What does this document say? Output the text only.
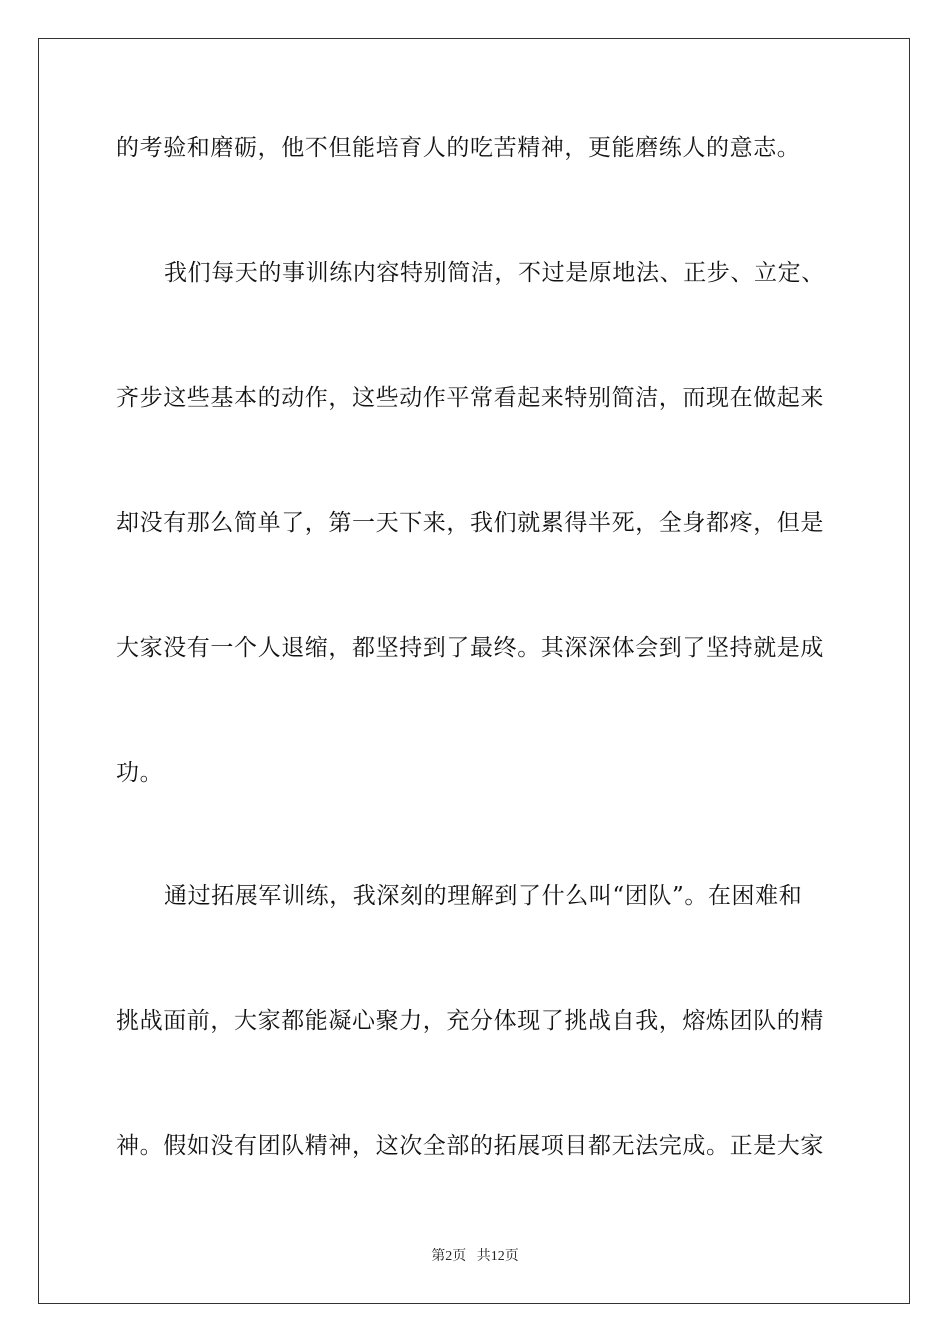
的考验和磨砺，他不但能培育人的吃苦精神，更能磨练人的意志。
我们每天的事训练内容特别简洁，不过是原地法、正步、立定、
齐步这些基本的动作，这些动作平常看起来特别简洁，而现在做起来
却没有那么简单了，第一天下来，我们就累得半死，全身都疼，但是
大家没有一个人退缩，都坚持到了最终。其深深体会到了坚持就是成
功。
通过拓展军训练，我深刻的理解到了什么叫“团队”。在困难和
挑战面前，大家都能凝心聚力，充分体现了挑战自我，熔炼团队的精
神。假如没有团队精神，这次全部的拓展项目都无法完成。正是大家
第2页   共12页
